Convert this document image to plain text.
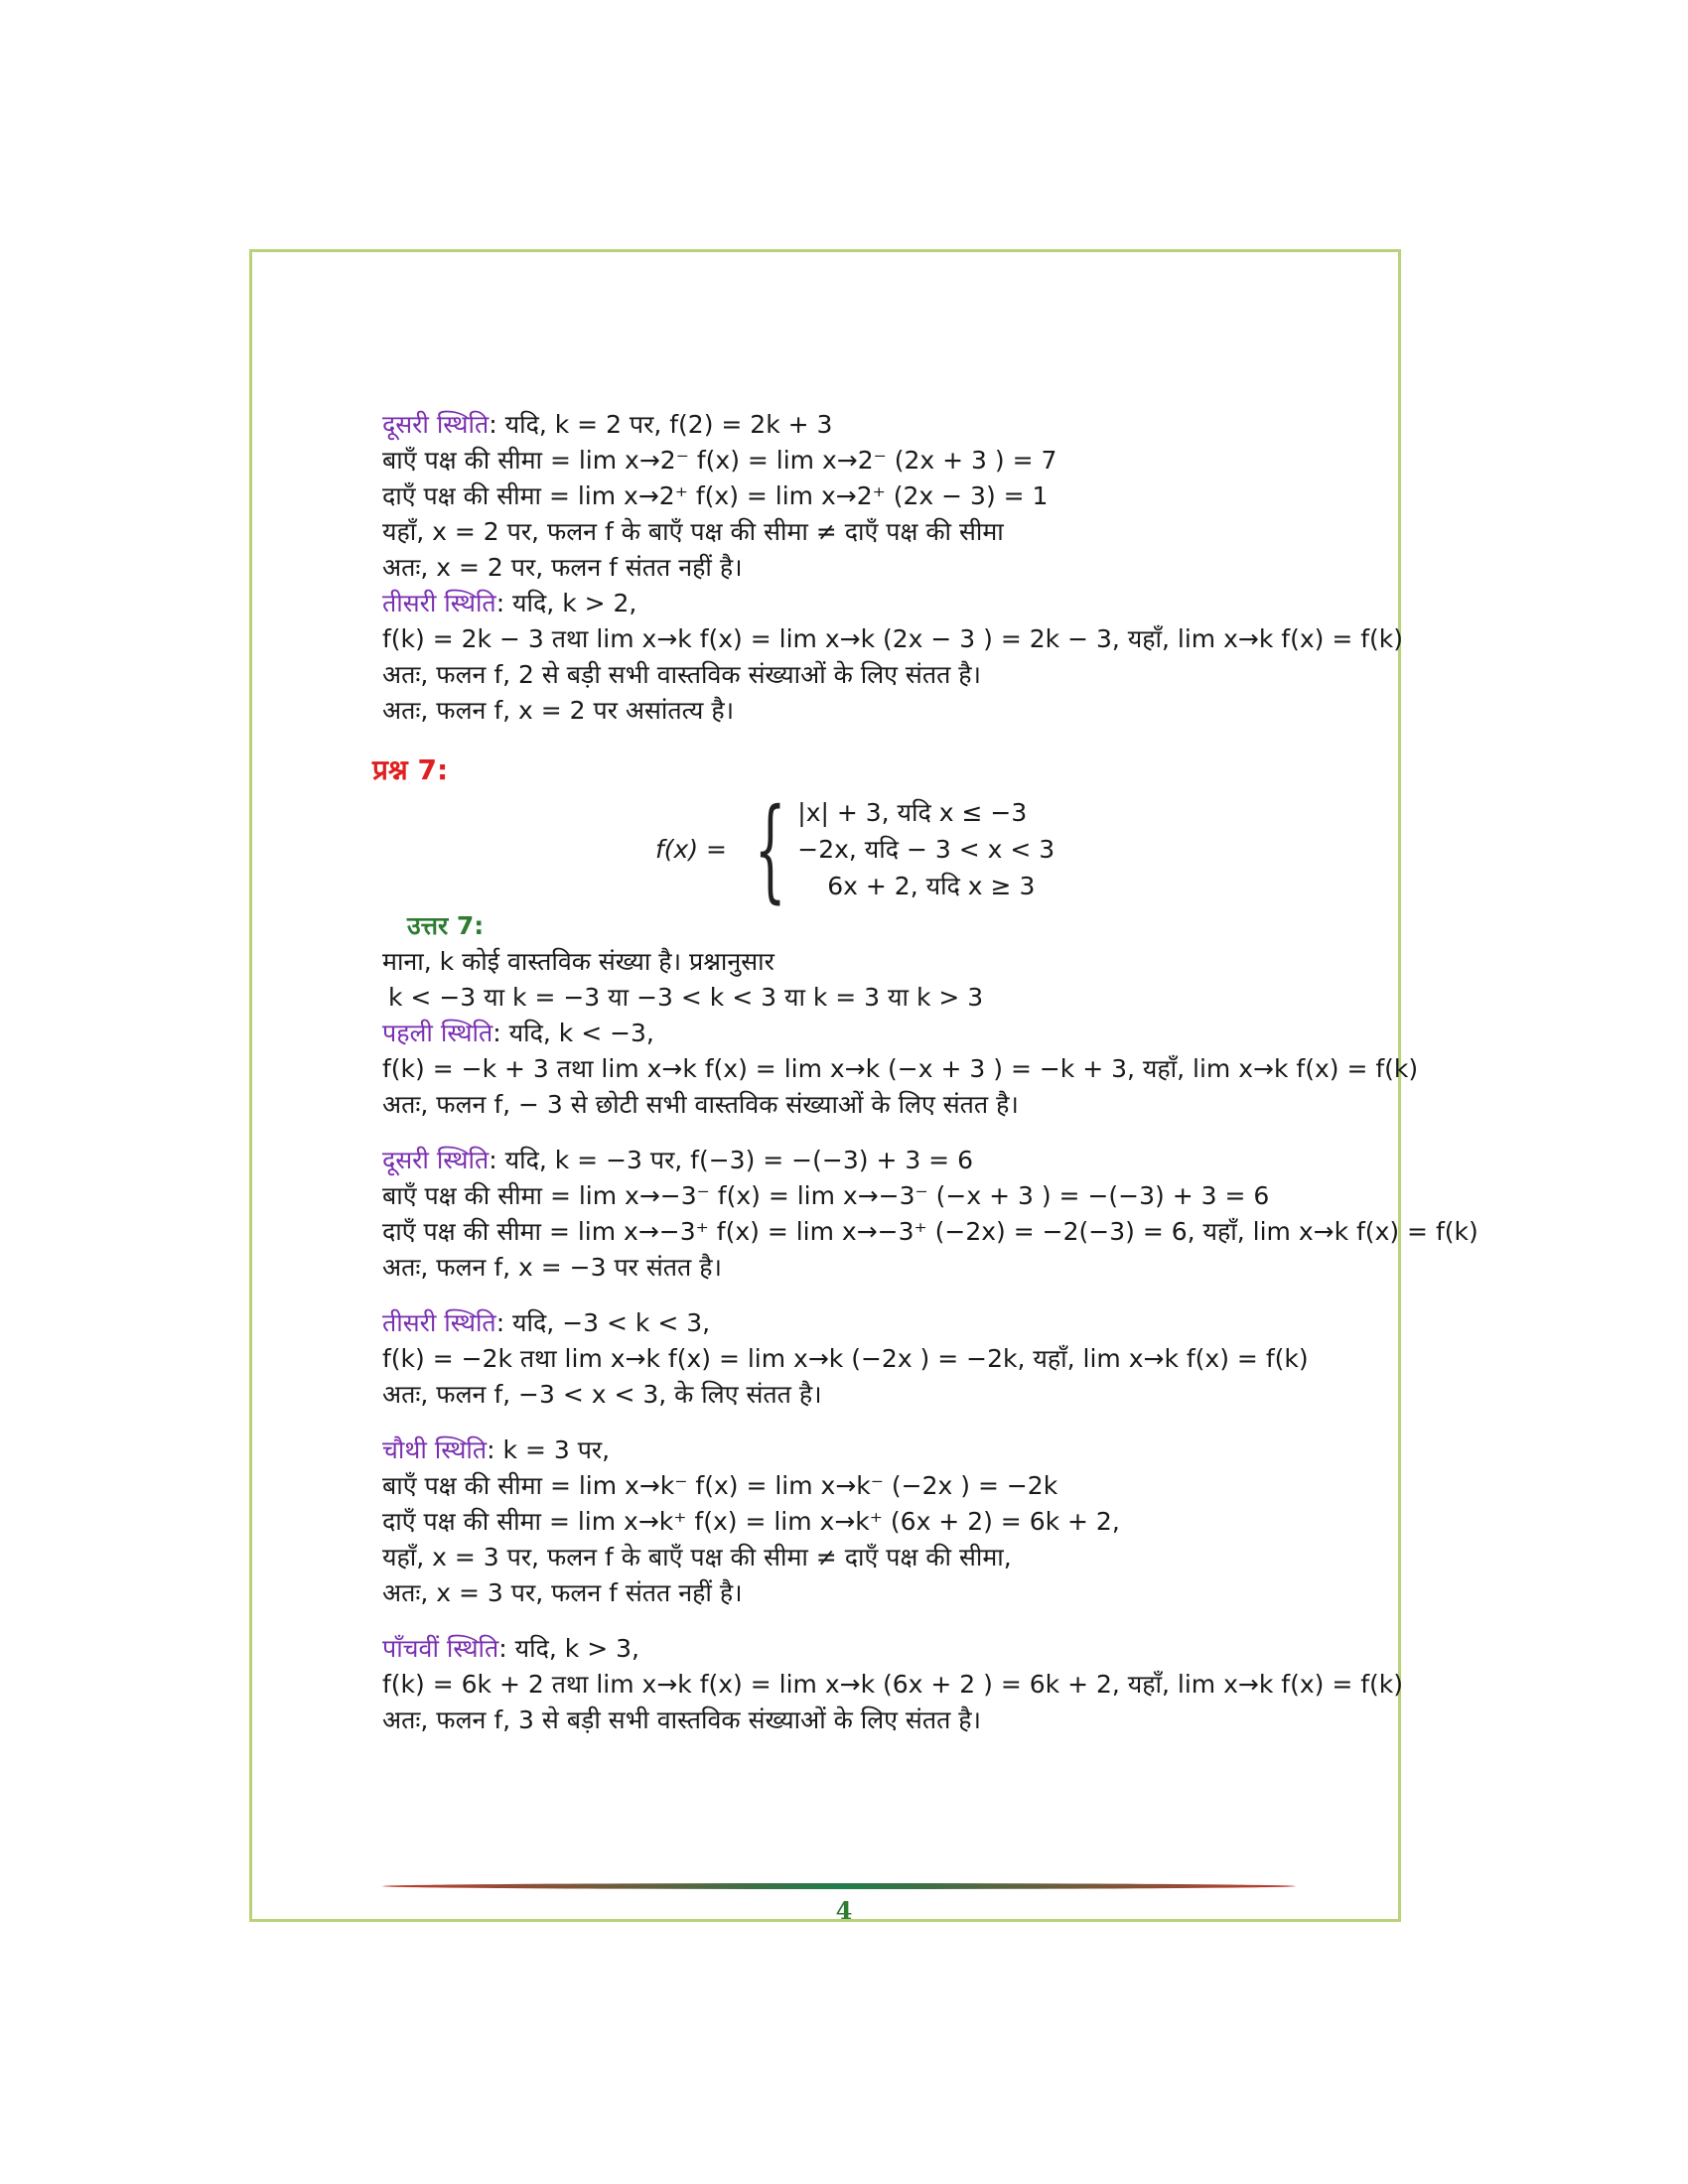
दूसरी स्थिति: यदि, k = 2 पर, f(2) = 2k + 3
बाएँ पक्ष की सीमा = lim x→2⁻ f(x) = lim x→2⁻ (2x + 3 ) = 7
दाएँ पक्ष की सीमा = lim x→2⁺ f(x) = lim x→2⁺ (2x − 3) = 1
यहाँ, x = 2 पर, फलन f के बाएँ पक्ष की सीमा ≠ दाएँ पक्ष की सीमा
अतः, x = 2 पर, फलन f संतत नहीं है।
तीसरी स्थिति: यदि, k > 2,
f(k) = 2k − 3 तथा lim x→k f(x) = lim x→k (2x − 3 ) = 2k − 3, यहाँ, lim x→k f(x) = f(k)
अतः, फलन f, 2 से बड़ी सभी वास्तविक संख्याओं के लिए संतत है।
अतः, फलन f, x = 2 पर असांतत्य है।
प्रश्न 7:
f(x) = { |x| + 3, यदि x ≤ −3
−2x, यदि − 3 < x < 3
6x + 2, यदि x ≥ 3
उत्तर 7:
माना, k कोई वास्तविक संख्या है। प्रश्नानुसार
k < −3 या k = −3 या −3 < k < 3 या k = 3 या k > 3
पहली स्थिति: यदि, k < −3,
f(k) = −k + 3 तथा lim x→k f(x) = lim x→k (−x + 3 ) = −k + 3, यहाँ, lim x→k f(x) = f(k)
अतः, फलन f, − 3 से छोटी सभी वास्तविक संख्याओं के लिए संतत है।
दूसरी स्थिति: यदि, k = −3 पर, f(−3) = −(−3) + 3 = 6
बाएँ पक्ष की सीमा = lim x→−3⁻ f(x) = lim x→−3⁻ (−x + 3 ) = −(−3) + 3 = 6
दाएँ पक्ष की सीमा = lim x→−3⁺ f(x) = lim x→−3⁺ (−2x) = −2(−3) = 6, यहाँ, lim x→k f(x) = f(k)
अतः, फलन f, x = −3 पर संतत है।
तीसरी स्थिति: यदि, −3 < k < 3,
f(k) = −2k तथा lim x→k f(x) = lim x→k (−2x ) = −2k, यहाँ, lim x→k f(x) = f(k)
अतः, फलन f, −3 < x < 3, के लिए संतत है।
चौथी स्थिति: k = 3 पर,
बाएँ पक्ष की सीमा = lim x→k⁻ f(x) = lim x→k⁻ (−2x ) = −2k
दाएँ पक्ष की सीमा = lim x→k⁺ f(x) = lim x→k⁺ (6x + 2) = 6k + 2,
यहाँ, x = 3 पर, फलन f के बाएँ पक्ष की सीमा ≠ दाएँ पक्ष की सीमा,
अतः, x = 3 पर, फलन f संतत नहीं है।
पाँचवीं स्थिति: यदि, k > 3,
f(k) = 6k + 2 तथा lim x→k f(x) = lim x→k (6x + 2 ) = 6k + 2, यहाँ, lim x→k f(x) = f(k)
अतः, फलन f, 3 से बड़ी सभी वास्तविक संख्याओं के लिए संतत है।
4
